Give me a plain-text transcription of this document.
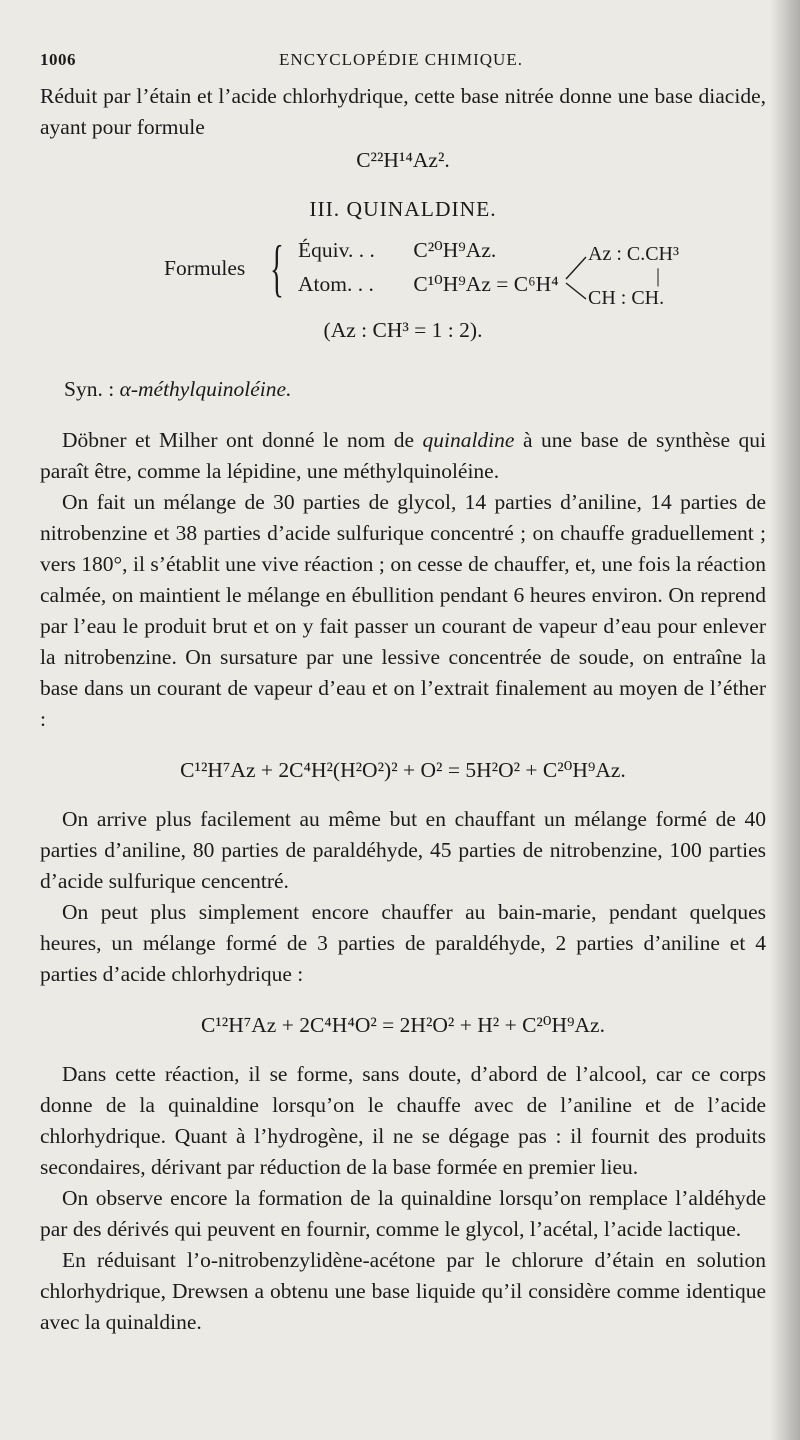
1006	ENCYCLOPÉDIE CHIMIQUE.

Réduit par l’étain et l’acide chlorhydrique, cette base nitrée donne une base diacide, ayant pour formule

C²²H¹⁴Az².
III. QUINALDINE.
Formules { Équiv. . . C²⁰H⁹Az.
Atom. . . C¹⁰H⁹Az = C⁶H⁴
Az : C.CH³
|
CH : CH.
(Az : CH³ = 1 : 2).
Syn. : α-méthylquinoléine.

Döbner et Milher ont donné le nom de quinaldine à une base de synthèse qui paraît être, comme la lépidine, une méthylquinoléine.

On fait un mélange de 30 parties de glycol, 14 parties d’aniline, 14 parties de nitrobenzine et 38 parties d’acide sulfurique concentré ; on chauffe graduellement ; vers 180°, il s’établit une vive réaction ; on cesse de chauffer, et, une fois la réaction calmée, on maintient le mélange en ébullition pendant 6 heures environ. On reprend par l’eau le produit brut et on y fait passer un courant de vapeur d’eau pour enlever la nitrobenzine. On sursature par une lessive concentrée de soude, on entraîne la base dans un courant de vapeur d’eau et on l’extrait finalement au moyen de l’éther :

C¹²H⁷Az + 2C⁴H²(H²O²)² + O² = 5H²O² + C²⁰H⁹Az.

On arrive plus facilement au même but en chauffant un mélange formé de 40 parties d’aniline, 80 parties de paraldéhyde, 45 parties de nitrobenzine, 100 parties d’acide sulfurique cencentré.

On peut plus simplement encore chauffer au bain-marie, pendant quelques heures, un mélange formé de 3 parties de paraldéhyde, 2 parties d’aniline et 4 parties d’acide chlorhydrique :

C¹²H⁷Az + 2C⁴H⁴O² = 2H²O² + H² + C²⁰H⁹Az.

Dans cette réaction, il se forme, sans doute, d’abord de l’alcool, car ce corps donne de la quinaldine lorsqu’on le chauffe avec de l’aniline et de l’acide chlorhydrique. Quant à l’hydrogène, il ne se dégage pas : il fournit des produits secondaires, dérivant par réduction de la base formée en premier lieu.

On observe encore la formation de la quinaldine lorsqu’on remplace l’aldéhyde par des dérivés qui peuvent en fournir, comme le glycol, l’acétal, l’acide lactique.

En réduisant l’o-nitrobenzylidène-acétone par le chlorure d’étain en solution chlorhydrique, Drewsen a obtenu une base liquide qu’il considère comme identique avec la quinaldine.
